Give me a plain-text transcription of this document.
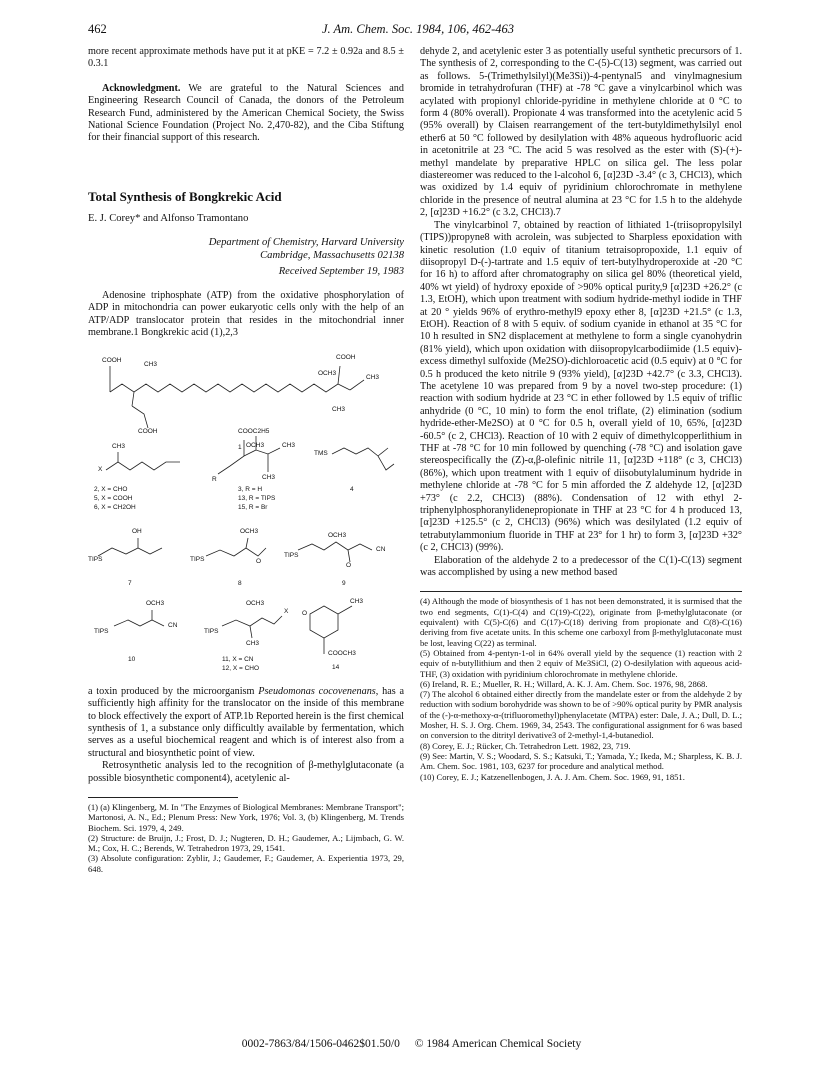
462	J. Am. Chem. Soc. 1984, 106, 462-463

more recent approximate methods have put it at pKE = 7.2 ± 0.92a and 8.5 ± 0.3.1

Acknowledgment. We are grateful to the Natural Sciences and Engineering Research Council of Canada, the donors of the Petroleum Research Fund, administered by the American Chemical Society, the Swiss National Science Foundation (Project No. 2,470-82), and the Ciba Stiftung for their financial support of this research.

Total Synthesis of Bongkrekic Acid

E. J. Corey* and Alfonso Tramontano

Department of Chemistry, Harvard University
Cambridge, Massachusetts 02138

Received September 19, 1983

Adenosine triphosphate (ATP) from the oxidative phosphorylation of ADP in mitochondria can power eukaryotic cells only with the help of an ATP/ADP translocator protein that resides in the mitochondrial inner membrane.1 Bongkrekic acid (1),2,3

COOH
CH3
OCH3
CH3
COOH
COOH
CH3
1
CH3
X
2, X = CHO
5, X = COOH
6, X = CH2OH
COOC2H5
OCH3	CH3
R	CH3
3, R = H
13, R = TIPS
15, R = Br
TMS
4
OH
TIPS
7
OCH3
TIPS	O
8
OCH3
TIPS
O
CN
9
OCH3
TIPS
CN
10
OCH3
X
TIPS
CH3
11, X = CN
12, X = CHO
O
CH3
COOCH3
14

a toxin produced by the microorganism Pseudomonas cocovenenans, has a sufficiently high affinity for the translocator on the inside of this membrane to block effectively the export of ATP.1b Reported herein is the first chemical synthesis of 1, a substance only difficultly available by fermentation, which serves as a useful biochemical reagent and which is of interest also from a structural and biosynthetic point of view.

Retrosynthetic analysis led to the recognition of β-methylglutaconate (a possible biosynthetic component4), acetylenic al-

(1) (a) Klingenberg, M. In "The Enzymes of Biological Membranes: Membrane Transport"; Martonosi, A. N., Ed.; Plenum Press: New York, 1976; Vol. 3, (b) Klingenberg, M. Trends Biochem. Sci. 1979, 4, 249.

(2) Structure: de Bruijn, J.; Frost, D. J.; Nugteren, D. H.; Gaudemer, A.; Lijmbach, G. W. M.; Cox, H. C.; Berends, W. Tetrahedron 1973, 29, 1541.

(3) Absolute configuration: Zyblir, J.; Gaudemer, F.; Gaudemer, A. Experientia 1973, 29, 648.

dehyde 2, and acetylenic ester 3 as potentially useful synthetic precursors of 1. The synthesis of 2, corresponding to the C-(5)-C(13) segment, was carried out as follows. 5-(Trimethylsilyl)(Me3Si))-4-pentynal5 and vinylmagnesium bromide in tetrahydrofuran (THF) at -78 °C gave a vinylcarbinol which was acylated with propionyl chloride-pyridine in methylene chloride at 0 °C to form 4 (80% overall). Propionate 4 was transformed into the acetylenic acid 5 (95% overall) by Claisen rearrangement of the tert-butyldimethylsilyl enol ether6 at 50 °C followed by desilylation with 48% aqueous hydrofluoric acid in acetonitrile at 23 °C. The acid 5 was resolved as the ester with (S)-(+)-methyl mandelate by preparative HPLC on silica gel. The less polar diastereomer was reduced to the l-alcohol 6, [α]23D -3.4° (c 3, CHCl3), which was oxidized by 1.4 equiv of pyridinium chlorochromate in methylene chloride in the presence of neutral alumina at 23 °C for 1.5 h to the aldehyde 2, [α]23D +16.2° (c 3.2, CHCl3).7

The vinylcarbinol 7, obtained by reaction of lithiated 1-(triisopropylsilyl (TIPS))propyne8 with acrolein, was subjected to Sharpless epoxidation with kinetic resolution (1.0 equiv of titanium tetraisopropoxide, 1.1 equiv of diisopropyl D-(-)-tartrate and 1.5 equiv of tert-butylhydroperoxide at -20 °C for 16 h) to afford after chromatography on silica gel 80% (theoretical yield, 40% wt yield) of hydroxy epoxide of >90% optical purity,9 [α]23D +26.2° (c 1.3, EtOH), which upon treatment with sodium hydride-methyl iodide in THF at 20 ° yields 96% of erythro-methyl9 epoxy ether 8, [α]23D +21.5° (c 1.3, EtOH). Reaction of 8 with 5 equiv. of sodium cyanide in ethanol at 35 °C for 10 h resulted in SN2 displacement at methylene to form a single cyanohydrin (81% yield), which upon oxidation with diisopropylcarbodiimide (1.5 equiv)-excess dimethyl sulfoxide (Me2SO)-dichloroacetic acid (0.5 equiv) at 0 °C for 0.5 h produced the keto nitrile 9 (93% yield), [α]23D +42.7° (c 3.3, CHCl3). The acetylene 10 was prepared from 9 by a novel two-step procedure: (1) reaction with sodium hydride at 23 °C in ether followed by 1.5 equiv of triflic anhydride (0 °C, 10 min) to form the enol triflate, (2) elimination (sodium hydride-ether-Me2SO) at 0 °C for 0.5 h, overall yield of 10, 65%, [α]23D -60.5° (c 2, CHCl3). Reaction of 10 with 2 equiv of dimethylcopperlithium in THF at -78 °C for 10 min followed by quenching (-78 °C) and isolation gave stereospecifically the (Z)-α,β-olefinic nitrile 11, [α]23D +118° (c 3, CHCl3) (86%), which upon treatment with 1 equiv of diisobutylaluminum hydride in methylene chloride at -78 °C for 5 min afforded the Z aldehyde 12, [α]23D +73° (c 2.2, CHCl3) (88%). Condensation of 12 with ethyl 2-triphenylphosphoranylidenepropionate in THF at 23 °C for 4 h produced 13, [α]23D +125.5° (c 2, CHCl3) (96%) which was desilylated (1.2 equiv of tetrabutylammonium fluoride in THF at 23° for 1 hr) to form 3, [α]23D +32° (c 2, CHCl3) (99%).

Elaboration of the aldehyde 2 to a predecessor of the C(1)-C(13) segment was accomplished by using a new method based

(4) Although the mode of biosynthesis of 1 has not been demonstrated, it is surmised that the two end segments, C(1)-C(4) and C(19)-C(22), originate from β-methylglutaconate (or equivalent) with C(5)-C(6) and C(17)-C(18) deriving from propionate and C(8)-C(16) deriving from five acetate units. In this scheme one carboxyl from β-methylglutaconate must be lost, leaving C(22) as terminal.

(5) Obtained from 4-pentyn-1-ol in 64% overall yield by the sequence (1) reaction with 2 equiv of n-butyllithium and then 2 equiv of Me3SiCl, (2) O-desilylation with aqueous acid-THF, (3) oxidation with pyridinium chlorochromate in methylene chloride.

(6) Ireland, R. E.; Mueller, R. H.; Willard, A. K. J. Am. Chem. Soc. 1976, 98, 2868.

(7) The alcohol 6 obtained either directly from the mandelate ester or from the aldehyde 2 by reduction with sodium borohydride was shown to be of >90% optical purity by PMR analysis of the (-)-α-methoxy-α-(trifluoromethyl)phenylacetate (MTPA) ester: Dale, J. A.; Dull, D. L.; Mosher, H. S. J. Org. Chem. 1969, 34, 2543. The configurational assignment for 6 was based on conversion to the ditrityl derivative3 of 2-methyl-1,4-butanediol.

(8) Corey, E. J.; Rücker, Ch. Tetrahedron Lett. 1982, 23, 719.

(9) See: Martin, V. S.; Woodard, S. S.; Katsuki, T.; Yamada, Y.; Ikeda, M.; Sharpless, K. B. J. Am. Chem. Soc. 1981, 103, 6237 for procedure and analytical method.

(10) Corey, E. J.; Katzenellenbogen, J. A. J. Am. Chem. Soc. 1969, 91, 1851.

0002-7863/84/1506-0462$01.50/0 © 1984 American Chemical Society
